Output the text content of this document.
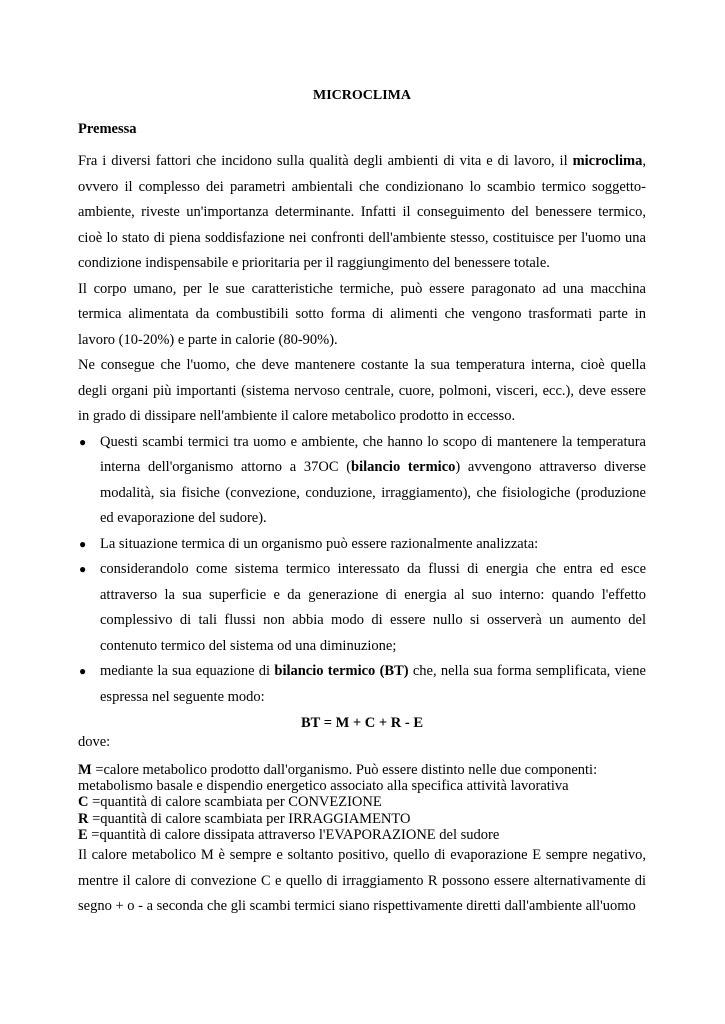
MICROCLIMA
Premessa

Fra i diversi fattori che incidono sulla qualità degli ambienti di vita e di lavoro, il microclima, ovvero il complesso dei parametri ambientali che condizionano lo scambio termico soggetto-ambiente, riveste un'importanza determinante. Infatti il conseguimento del benessere termico, cioè lo stato di piena soddisfazione nei confronti dell'ambiente stesso, costituisce per l'uomo una condizione indispensabile e prioritaria per il raggiungimento del benessere totale.

Il corpo umano, per le sue caratteristiche termiche, può essere paragonato ad una macchina termica alimentata da combustibili sotto forma di alimenti che vengono trasformati parte in lavoro (10-20%) e parte in calorie (80-90%).

Ne consegue che l'uomo, che deve mantenere costante la sua temperatura interna, cioè quella degli organi più importanti (sistema nervoso centrale, cuore, polmoni, visceri, ecc.), deve essere in grado di dissipare nell'ambiente il calore metabolico prodotto in eccesso.

● Questi scambi termici tra uomo e ambiente, che hanno lo scopo di mantenere la temperatura interna dell'organismo attorno a 37OC (bilancio termico) avvengono attraverso diverse modalità, sia fisiche (convezione, conduzione, irraggiamento), che fisiologiche (produzione ed evaporazione del sudore).
● La situazione termica di un organismo può essere razionalmente analizzata:
● considerandolo come sistema termico interessato da flussi di energia che entra ed esce attraverso la sua superficie e da generazione di energia al suo interno: quando l'effetto complessivo di tali flussi non abbia modo di essere nullo si osserverà un aumento del contenuto termico del sistema od una diminuzione;
● mediante la sua equazione di bilancio termico (BT) che, nella sua forma semplificata, viene espressa nel seguente modo:
BT = M + C + R - E
dove:
M =calore metabolico prodotto dall'organismo. Può essere distinto nelle due componenti:
metabolismo basale e dispendio energetico associato alla specifica attività lavorativa
C =quantità di calore scambiata per CONVEZIONE
R =quantità di calore scambiata per IRRAGGIAMENTO
E =quantità di calore dissipata attraverso l'EVAPORAZIONE del sudore

Il calore metabolico M è sempre e soltanto positivo, quello di evaporazione E sempre negativo, mentre il calore di convezione C e quello di irraggiamento R possono essere alternativamente di segno + o - a seconda che gli scambi termici siano rispettivamente diretti dall'ambiente all'uomo
